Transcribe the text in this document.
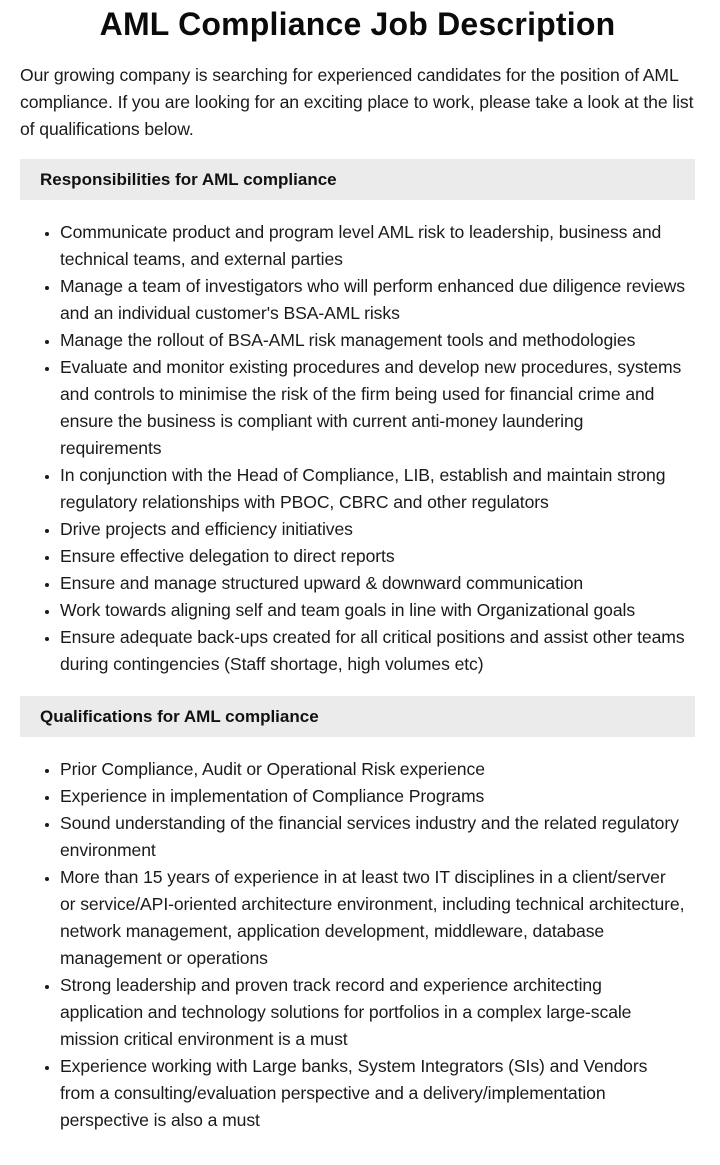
AML Compliance Job Description

Our growing company is searching for experienced candidates for the position of AML compliance. If you are looking for an exciting place to work, please take a look at the list of qualifications below.

Responsibilities for AML compliance
• Communicate product and program level AML risk to leadership, business and technical teams, and external parties
• Manage a team of investigators who will perform enhanced due diligence reviews and an individual customer's BSA-AML risks
• Manage the rollout of BSA-AML risk management tools and methodologies
• Evaluate and monitor existing procedures and develop new procedures, systems and controls to minimise the risk of the firm being used for financial crime and ensure the business is compliant with current anti-money laundering requirements
• In conjunction with the Head of Compliance, LIB, establish and maintain strong regulatory relationships with PBOC, CBRC and other regulators
• Drive projects and efficiency initiatives
• Ensure effective delegation to direct reports
• Ensure and manage structured upward & downward communication
• Work towards aligning self and team goals in line with Organizational goals
• Ensure adequate back-ups created for all critical positions and assist other teams during contingencies (Staff shortage, high volumes etc)
Qualifications for AML compliance
• Prior Compliance, Audit or Operational Risk experience
• Experience in implementation of Compliance Programs
• Sound understanding of the financial services industry and the related regulatory environment
• More than 15 years of experience in at least two IT disciplines in a client/server or service/API-oriented architecture environment, including technical architecture, network management, application development, middleware, database management or operations
• Strong leadership and proven track record and experience architecting application and technology solutions for portfolios in a complex large-scale mission critical environment is a must
• Experience working with Large banks, System Integrators (SIs) and Vendors from a consulting/evaluation perspective and a delivery/implementation perspective is also a must
